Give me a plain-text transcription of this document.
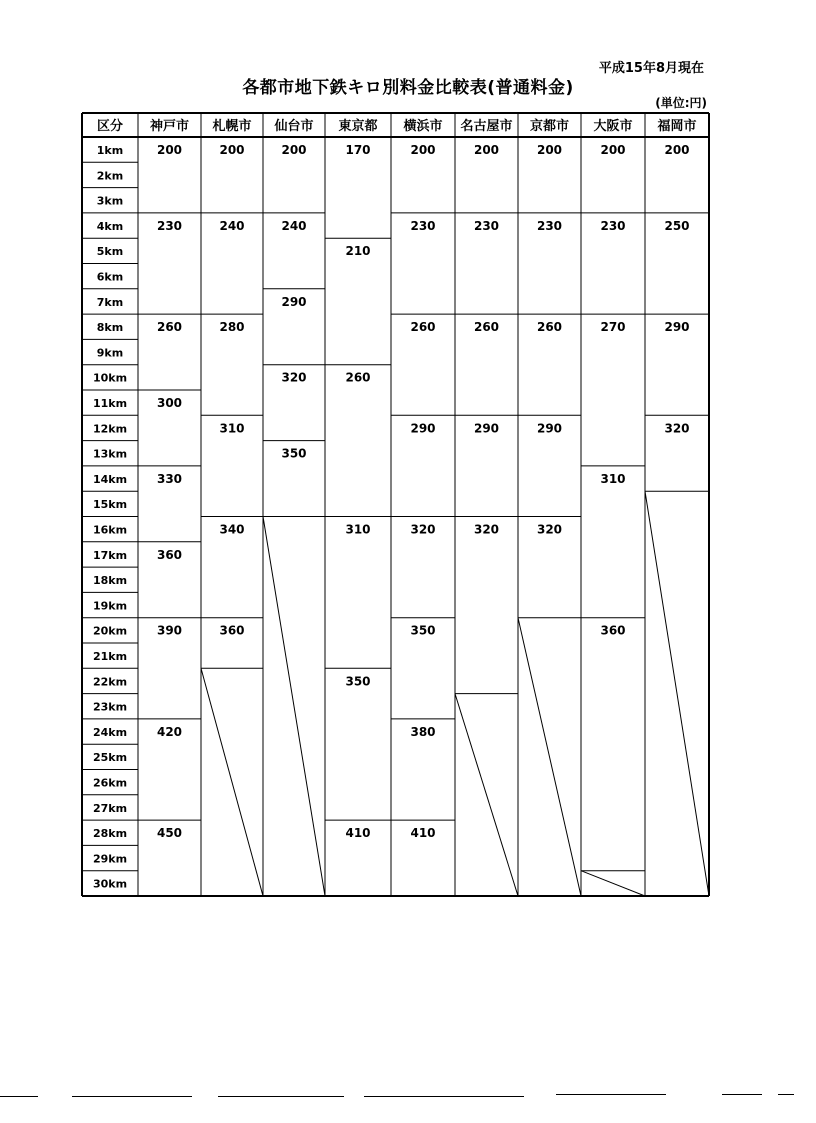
平成15年8月現在
各都市地下鉄キロ別料金比較表(普通料金)
(単位:円)
区分 神戸市 札幌市 仙台市 東京都 横浜市 名古屋市 京都市 大阪市 福岡市
1km
2km
3km
4km
5km
6km
7km
8km
9km
10km
11km
12km
13km
14km
15km
16km
17km
18km
19km
20km
21km
22km
23km
24km
25km
26km
27km
28km
29km
30km
200
230
260
300
330
360
390
420
450
200
240
280
310
340
360
200
240
290
320
350
170
210
260
310
350
410
200
230
260
290
320
350
380
410
200
230
260
290
320
200
230
260
290
320
200
230
270
310
360
200
250
290
320
